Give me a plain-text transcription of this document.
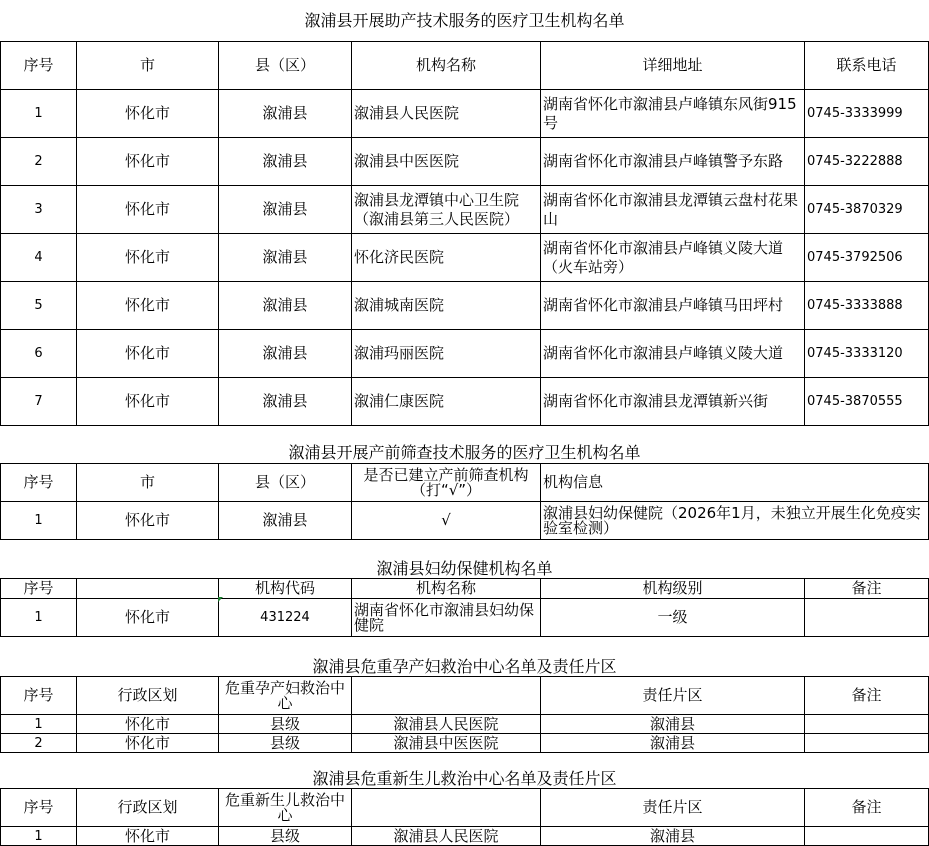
溆浦县开展助产技术服务的医疗卫生机构名单
序号	市	县（区）	机构名称	详细地址	联系电话
1	怀化市	溆浦县	溆浦县人民医院	湖南省怀化市溆浦县卢峰镇东风街915号	0745-3333999
2	怀化市	溆浦县	溆浦县中医医院	湖南省怀化市溆浦县卢峰镇警予东路	0745-3222888
3	怀化市	溆浦县	溆浦县龙潭镇中心卫生院（溆浦县第三人民医院）	湖南省怀化市溆浦县龙潭镇云盘村花果山	0745-3870329
4	怀化市	溆浦县	怀化济民医院	湖南省怀化市溆浦县卢峰镇义陵大道（火车站旁）	0745-3792506
5	怀化市	溆浦县	溆浦城南医院	湖南省怀化市溆浦县卢峰镇马田坪村	0745-3333888
6	怀化市	溆浦县	溆浦玛丽医院	湖南省怀化市溆浦县卢峰镇义陵大道	0745-3333120
7	怀化市	溆浦县	溆浦仁康医院	湖南省怀化市溆浦县龙潭镇新兴街	0745-3870555
溆浦县开展产前筛查技术服务的医疗卫生机构名单
序号	市	县（区）	是否已建立产前筛查机构（打“√”）	机构信息
1	怀化市	溆浦县	√	溆浦县妇幼保健院（2026年1月，未独立开展生化免疫实验室检测）
溆浦县妇幼保健机构名单
序号		机构代码	机构名称	机构级别	备注
1	怀化市	431224	湖南省怀化市溆浦县妇幼保健院	一级	
溆浦县危重孕产妇救治中心名单及责任片区
序号	行政区划	危重孕产妇救治中心		责任片区	备注
1	怀化市	县级	溆浦县人民医院	溆浦县	
2	怀化市	县级	溆浦县中医医院	溆浦县	
溆浦县危重新生儿救治中心名单及责任片区
序号	行政区划	危重新生儿救治中心		责任片区	备注
1	怀化市	县级	溆浦县人民医院	溆浦县	
